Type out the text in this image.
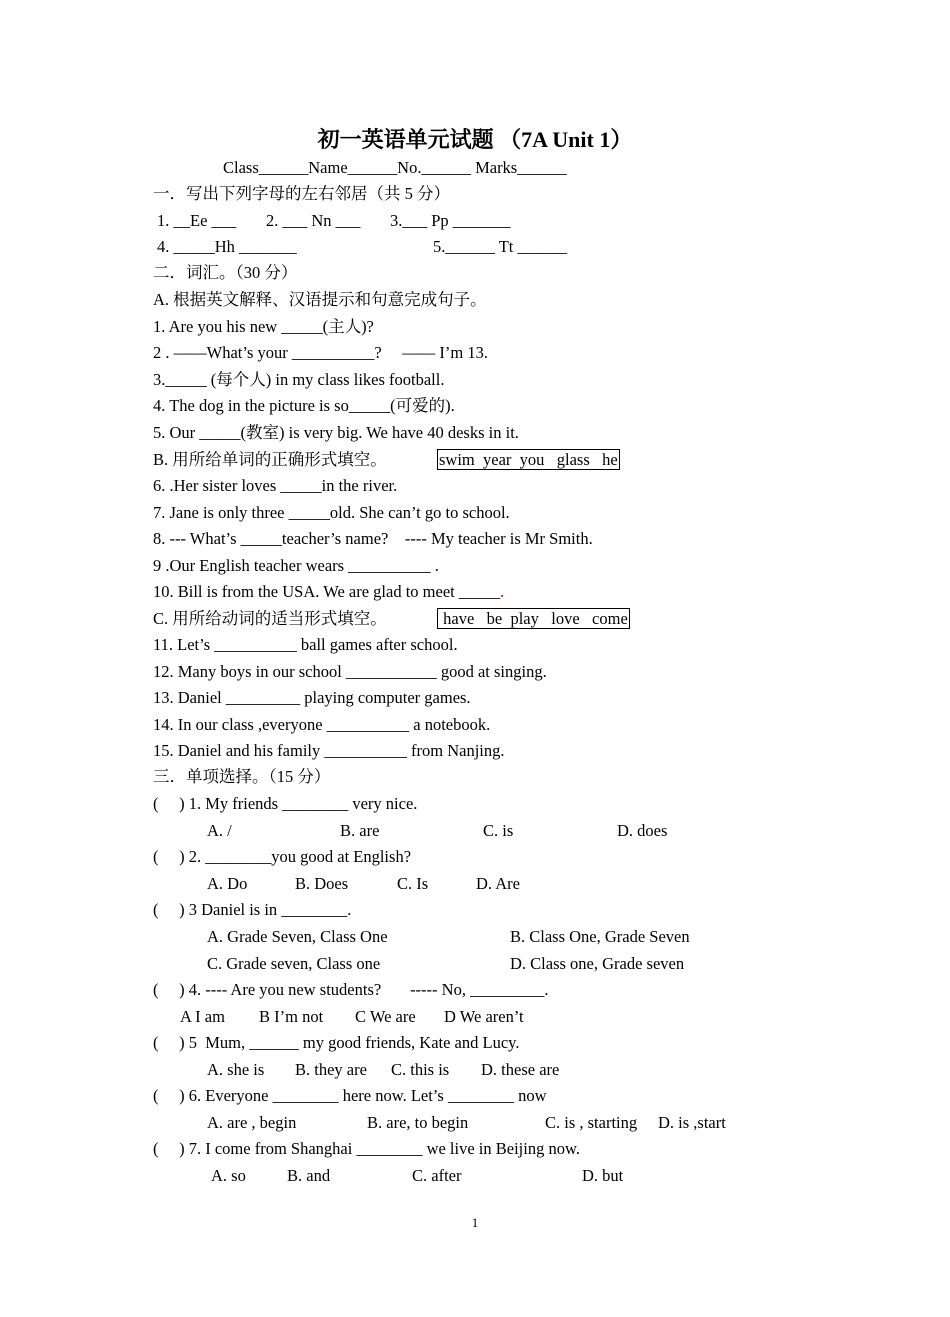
初一英语单元试题 （7A Unit 1）
Class______Name______No.______ Marks______
一．写出下列字母的左右邻居（共 5 分）
1. __Ee ___ 2. ___ Nn ___ 3.___ Pp _______
4. _____Hh _______	5.______ Tt ______
二．词汇。（30 分）
A. 根据英文解释、汉语提示和句意完成句子。
1. Are you his new _____(主人)?
2 . ——What’s your __________?     —— I’m 13.
3._____ (每个人) in my class likes football.
4. The dog in the picture is so_____(可爱的).
5. Our _____(教室) is very big. We have 40 desks in it.
B. 用所给单词的正确形式填空。	swim  year  you   glass   he
6. .Her sister loves _____in the river.
7. Jane is only three _____old. She can’t go to school.
8. --- What’s _____teacher’s name?    ---- My teacher is Mr Smith.
9 .Our English teacher wears __________ .
10. Bill is from the USA. We are glad to meet _____.
C. 用所给动词的适当形式填空。	have   be  play   love   come
11. Let’s __________ ball games after school.
12. Many boys in our school ___________ good at singing.
13. Daniel _________ playing computer games.
14. In our class ,everyone __________ a notebook.
15. Daniel and his family __________ from Nanjing.
三．单项选择。（15 分）
(     ) 1. My friends ________ very nice.
A. /	B. are	C. is	D. does
(     ) 2. ________you good at English?
A. Do	B. Does	C. Is	D. Are
(     ) 3 Daniel is in ________.
A. Grade Seven, Class One	B. Class One, Grade Seven
C. Grade seven, Class one	D. Class one, Grade seven
(     ) 4. ---- Are you new students?       ----- No, _________.
A I am B I’m not C We are D We aren’t
(     ) 5  Mum, ______ my good friends, Kate and Lucy.
A. she is B. they are C. this is D. these are
(     ) 6. Everyone ________ here now. Let’s ________ now
A. are , begin	B. are, to begin	C. is , starting D. is ,start
(     ) 7. I come from Shanghai ________ we live in Beijing now.
A. so B. and	C. after	D. but
1
